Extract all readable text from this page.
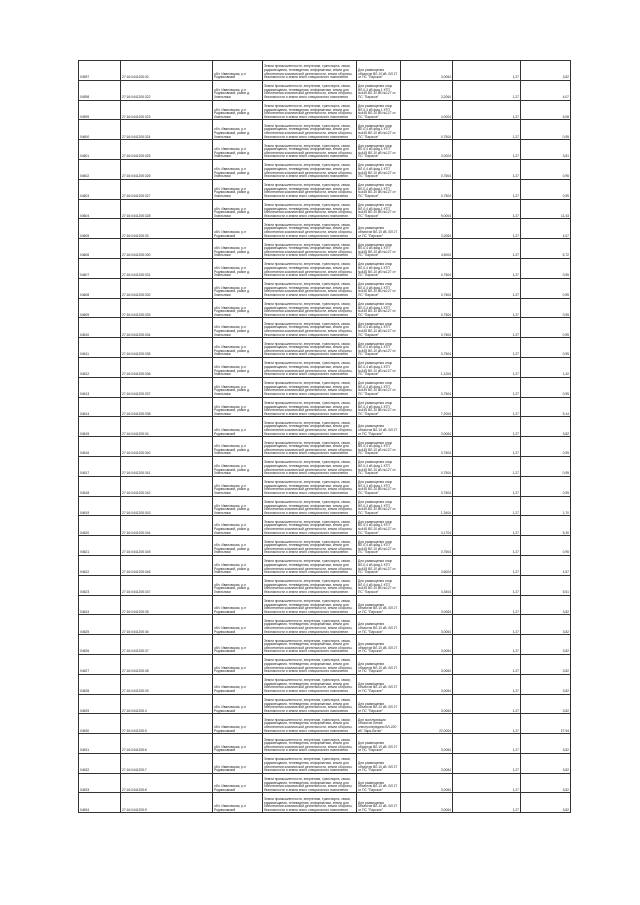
04597	27:16:0441205:30	обл. Ивановская, р-н Родниковский	Земли промышленности, энергетики, транспорта, связи, радиовещания, телевидения, информатики, земли для обеспечения космической деятельности, земли обороны, безопасности и земли иного специального назначения	Для размещения объектов ВЛ-10 кВ. ВЛ 27 от ПС "Парское"	3,0064	1,27	3,82
04598	27:16:0441205:322	обл. Ивановская, р-н Родниковский, район д. Хмельники	Земли промышленности, энергетики, транспорта, связи, радиовещания, телевидения, информатики, земли для обеспечения космической деятельности, земли обороны, безопасности и земли иного специального назначения	Для размещения опор ВЛ-0,4 кВ фид.1 КТП №445 ВЛ-10 кВ №127 от ПС "Парское"	3,2064	1,27	4,07
04599	27:16:0441205:323	обл. Ивановская, р-н Родниковский, район д. Хмельники	Земли промышленности, энергетики, транспорта, связи, радиовещания, телевидения, информатики, земли для обеспечения космической деятельности, земли обороны, безопасности и земли иного специального назначения	Для размещения опор ВЛ-0,4 кВ фид.1 КТП №445 ВЛ-10 кВ №127 от ПС "Парское"	4,0004	1,27	5,08
04600	27:16:0441205:324	обл. Ивановская, р-н Родниковский, район д. Хмельники	Земли промышленности, энергетики, транспорта, связи, радиовещания, телевидения, информатики, земли для обеспечения космической деятельности, земли обороны, безопасности и земли иного специального назначения	Для размещения опор ВЛ-0,4 кВ фид.1 КТП №445 ВЛ-10 кВ №127 от ПС "Парское"	0,7504	1,27	0,95
04601	27:16:0441205:325	обл. Ивановская, р-н Родниковский, район д. Хмельники	Земли промышленности, энергетики, транспорта, связи, радиовещания, телевидения, информатики, земли для обеспечения космической деятельности, земли обороны, безопасности и земли иного специального назначения	Для размещения опор ВЛ-0,4 кВ фид.1 КТП №445 ВЛ-10 кВ №127 от ПС "Парское"	3,0004	1,27	3,81
04602	27:16:0441205:326	обл. Ивановская, р-н Родниковский, район д. Хмельники	Земли промышленности, энергетики, транспорта, связи, радиовещания, телевидения, информатики, земли для обеспечения космической деятельности, земли обороны, безопасности и земли иного специального назначения	Для размещения опор ВЛ-0,4 кВ фид.1 КТП №445 ВЛ-10 кВ №127 от ПС "Парское"	0,7504	1,27	0,95
04603	27:16:0441205:327	обл. Ивановская, р-н Родниковский, район д. Хмельники	Земли промышленности, энергетики, транспорта, связи, радиовещания, телевидения, информатики, земли для обеспечения космической деятельности, земли обороны, безопасности и земли иного специального назначения	Для размещения опор ВЛ-0,4 кВ фид.1 КТП №445 ВЛ-10 кВ №127 от ПС "Парское"	0,7504	1,27	0,95
04604	27:16:0441205:328	обл. Ивановская, р-н Родниковский, район д. Хмельники	Земли промышленности, энергетики, транспорта, связи, радиовещания, телевидения, информатики, земли для обеспечения космической деятельности, земли обороны, безопасности и земли иного специального назначения	Для размещения опор ВЛ-0,4 кВ фид.1 КТП №445 ВЛ-10 кВ №127 от ПС "Парское"	9,0004	1,27	11,43
04605	27:16:0441205:33	обл. Ивановская, р-н Родниковский	Земли промышленности, энергетики, транспорта, связи, радиовещания, телевидения, информатики, земли для обеспечения космической деятельности, земли обороны, безопасности и земли иного специального назначения	Для размещения объектов ВЛ-10 кВ. ВЛ 27 от ПС "Парское"	3,2064	1,27	4,07
04606	27:16:0441205:330	обл. Ивановская, р-н Родниковский, район д. Хмельники	Земли промышленности, энергетики, транспорта, связи, радиовещания, телевидения, информатики, земли для обеспечения космической деятельности, земли обороны, безопасности и земли иного специального назначения	Для размещения опор ВЛ-0,4 кВ фид.1 КТП №445 ВЛ-10 кВ №127 от ПС "Парское"	4,5004	1,27	5,72
04607	27:16:0441205:331	обл. Ивановская, р-н Родниковский, район д. Хмельники	Земли промышленности, энергетики, транспорта, связи, радиовещания, телевидения, информатики, земли для обеспечения космической деятельности, земли обороны, безопасности и земли иного специального назначения	Для размещения опор ВЛ-0,4 кВ фид.1 КТП №445 ВЛ-10 кВ №127 от ПС "Парское"	0,7504	1,27	0,95
04608	27:16:0441205:332	обл. Ивановская, р-н Родниковский, район д. Хмельники	Земли промышленности, энергетики, транспорта, связи, радиовещания, телевидения, информатики, земли для обеспечения космической деятельности, земли обороны, безопасности и земли иного специального назначения	Для размещения опор ВЛ-0,4 кВ фид.1 КТП №445 ВЛ-10 кВ №127 от ПС "Парское"	0,7504	1,27	0,95
04609	27:16:0441205:333	обл. Ивановская, р-н Родниковский, район д. Хмельники	Земли промышленности, энергетики, транспорта, связи, радиовещания, телевидения, информатики, земли для обеспечения космической деятельности, земли обороны, безопасности и земли иного специального назначения	Для размещения опор ВЛ-0,4 кВ фид.1 КТП №445 ВЛ-10 кВ №127 от ПС "Парское"	0,7504	1,27	0,95
04610	27:16:0441205:334	обл. Ивановская, р-н Родниковский, район д. Хмельники	Земли промышленности, энергетики, транспорта, связи, радиовещания, телевидения, информатики, земли для обеспечения космической деятельности, земли обороны, безопасности и земли иного специального назначения	Для размещения опор ВЛ-0,4 кВ фид.1 КТП №445 ВЛ-10 кВ №127 от ПС "Парское"	0,7504	1,27	0,95
04611	27:16:0441205:335	обл. Ивановская, р-н Родниковский, район д. Хмельники	Земли промышленности, энергетики, транспорта, связи, радиовещания, телевидения, информатики, земли для обеспечения космической деятельности, земли обороны, безопасности и земли иного специального назначения	Для размещения опор ВЛ-0,4 кВ фид.1 КТП №445 ВЛ-10 кВ №127 от ПС "Парское"	0,7504	1,27	0,95
04612	27:16:0441205:336	обл. Ивановская, р-н Родниковский, район д. Хмельники	Земли промышленности, энергетики, транспорта, связи, радиовещания, телевидения, информатики, земли для обеспечения космической деятельности, земли обороны, безопасности и земли иного специального назначения	Для размещения опор ВЛ-0,4 кВ фид.1 КТП №445 ВЛ-10 кВ №127 от ПС "Парское"	1,1204	1,27	1,42
04613	27:16:0441205:337	обл. Ивановская, р-н Родниковский, район д. Хмельники	Земли промышленности, энергетики, транспорта, связи, радиовещания, телевидения, информатики, земли для обеспечения космической деятельности, земли обороны, безопасности и земли иного специального назначения	Для размещения опор ВЛ-0,4 кВ фид.1 КТП №445 ВЛ-10 кВ №127 от ПС "Парское"	0,7504	1,27	0,95
04614	27:16:0441205:338	обл. Ивановская, р-н Родниковский, район д. Хмельники	Земли промышленности, энергетики, транспорта, связи, радиовещания, телевидения, информатики, земли для обеспечения космической деятельности, земли обороны, безопасности и земли иного специального назначения	Для размещения опор ВЛ-0,4 кВ фид.1 КТП №445 ВЛ-10 кВ №127 от ПС "Парское"	7,2004	1,27	9,14
04615	27:16:0441205:34	обл. Ивановская, р-н Родниковский	Земли промышленности, энергетики, транспорта, связи, радиовещания, телевидения, информатики, земли для обеспечения космической деятельности, земли обороны, безопасности и земли иного специального назначения	Для размещения объектов ВЛ-10 кВ. ВЛ 27 от ПС "Парское"	3,0064	1,27	3,82
04616	27:16:0441205:340	обл. Ивановская, р-н Родниковский, район д. Хмельники	Земли промышленности, энергетики, транспорта, связи, радиовещания, телевидения, информатики, земли для обеспечения космической деятельности, земли обороны, безопасности и земли иного специального назначения	Для размещения опор ВЛ-0,4 кВ фид.1 КТП №445 ВЛ-10 кВ №127 от ПС "Парское"	0,7504	1,27	0,95
04617	27:16:0441205:341	обл. Ивановская, р-н Родниковский, район д. Хмельники	Земли промышленности, энергетики, транспорта, связи, радиовещания, телевидения, информатики, земли для обеспечения космической деятельности, земли обороны, безопасности и земли иного специального назначения	Для размещения опор ВЛ-0,4 кВ фид.1 КТП №445 ВЛ-10 кВ №127 от ПС "Парское"	0,7504	1,27	0,95
04618	27:16:0441205:342	обл. Ивановская, р-н Родниковский, район д. Хмельники	Земли промышленности, энергетики, транспорта, связи, радиовещания, телевидения, информатики, земли для обеспечения космической деятельности, земли обороны, безопасности и земли иного специального назначения	Для размещения опор ВЛ-0,4 кВ фид.1 КТП №445 ВЛ-10 кВ №127 от ПС "Парское"	0,7504	1,27	0,95
04619	27:16:0441205:343	обл. Ивановская, р-н Родниковский, район д. Хмельники	Земли промышленности, энергетики, транспорта, связи, радиовещания, телевидения, информатики, земли для обеспечения космической деятельности, земли обороны, безопасности и земли иного специального назначения	Для размещения опор ВЛ-0,4 кВ фид.1 КТП №445 ВЛ-10 кВ №127 от ПС "Парское"	1,3404	1,27	1,70
04620	27:16:0441205:344	обл. Ивановская, р-н Родниковский, район д. Хмельники	Земли промышленности, энергетики, транспорта, связи, радиовещания, телевидения, информатики, земли для обеспечения космической деятельности, земли обороны, безопасности и земли иного специального назначения	Для размещения опор ВЛ-0,4 кВ фид.1 КТП №445 ВЛ-10 кВ №127 от ПС "Парское"	4,1704	1,27	5,30
04621	27:16:0441205:345	обл. Ивановская, р-н Родниковский, район д. Хмельники	Земли промышленности, энергетики, транспорта, связи, радиовещания, телевидения, информатики, земли для обеспечения космической деятельности, земли обороны, безопасности и земли иного специального назначения	Для размещения опор ВЛ-0,4 кВ фид.1 КТП №445 ВЛ-10 кВ №127 от ПС "Парское"	0,7504	1,27	0,95
04622	27:16:0441205:346	обл. Ивановская, р-н Родниковский, район д. Хмельники	Земли промышленности, энергетики, транспорта, связи, радиовещания, телевидения, информатики, земли для обеспечения космической деятельности, земли обороны, безопасности и земли иного специального назначения	Для размещения опор ВЛ-0,4 кВ фид.1 КТП №445 ВЛ-10 кВ №127 от ПС "Парское"	3,6004	1,27	4,57
04623	27:16:0441205:347	обл. Ивановская, р-н Родниковский, район д. Хмельники	Земли промышленности, энергетики, транспорта, связи, радиовещания, телевидения, информатики, земли для обеспечения космической деятельности, земли обороны, безопасности и земли иного специального назначения	Для размещения опор ВЛ-0,4 кВ фид.1 КТП №445 ВЛ-10 кВ №127 от ПС "Парское"	4,3404	1,27	5,51
04624	27:16:0441205:35	обл. Ивановская, р-н Родниковский	Земли промышленности, энергетики, транспорта, связи, радиовещания, телевидения, информатики, земли для обеспечения космической деятельности, земли обороны, безопасности и земли иного специального назначения	Для размещения объектов ВЛ-10 кВ. ВЛ 27 от ПС "Парское"	3,0064	1,27	3,82
04625	27:16:0441205:36	обл. Ивановская, р-н Родниковский	Земли промышленности, энергетики, транспорта, связи, радиовещания, телевидения, информатики, земли для обеспечения космической деятельности, земли обороны, безопасности и земли иного специального назначения	Для размещения объектов ВЛ-10 кВ. ВЛ 27 от ПС "Парское"	3,0064	1,27	3,82
04626	27:16:0441205:37	обл. Ивановская, р-н Родниковский	Земли промышленности, энергетики, транспорта, связи, радиовещания, телевидения, информатики, земли для обеспечения космической деятельности, земли обороны, безопасности и земли иного специального назначения	Для размещения объектов ВЛ-10 кВ. ВЛ 27 от ПС "Парское"	3,0064	1,27	3,82
04627	27:16:0441205:38	обл. Ивановская, р-н Родниковский	Земли промышленности, энергетики, транспорта, связи, радиовещания, телевидения, информатики, земли для обеспечения космической деятельности, земли обороны, безопасности и земли иного специального назначения	Для размещения объектов ВЛ-10 кВ. ВЛ 27 от ПС "Парское"	3,0064	1,27	3,82
04628	27:16:0441205:39	обл. Ивановская, р-н Родниковский	Земли промышленности, энергетики, транспорта, связи, радиовещания, телевидения, информатики, земли для обеспечения космической деятельности, земли обороны, безопасности и земли иного специального назначения	Для размещения объектов ВЛ-10 кВ. ВЛ 27 от ПС "Парское"	3,0064	1,27	3,82
04629	27:16:0441205:4	обл. Ивановская, р-н Родниковский	Земли промышленности, энергетики, транспорта, связи, радиовещания, телевидения, информатики, земли для обеспечения космической деятельности, земли обороны, безопасности и земли иного специального назначения	Для размещения объектов ВЛ-10 кВ. ВЛ 27 от ПС "Парское"	3,0064	1,27	3,82
04630	27:16:0441205:5	обл. Ивановская, р-н Родниковский	Земли промышленности, энергетики, транспорта, связи, радиовещания, телевидения, информатики, земли для обеспечения космической деятельности, земли обороны, безопасности и земли иного специального назначения	Для эксплуатации объектов Линия электропередачи ВЛ-220 кВ "Заря-Битюг"	22,0004	1,27	27,94
04631	27:16:0441205:6	обл. Ивановская, р-н Родниковский	Земли промышленности, энергетики, транспорта, связи, радиовещания, телевидения, информатики, земли для обеспечения космической деятельности, земли обороны, безопасности и земли иного специального назначения	Для размещения объектов ВЛ-10 кВ. ВЛ 27 от ПС "Парское"	3,0064	1,27	3,82
04632	27:16:0441205:7	обл. Ивановская, р-н Родниковский	Земли промышленности, энергетики, транспорта, связи, радиовещания, телевидения, информатики, земли для обеспечения космической деятельности, земли обороны, безопасности и земли иного специального назначения	Для размещения объектов ВЛ-10 кВ. ВЛ 27 от ПС "Парское"	3,0064	1,27	3,82
04633	27:16:0441205:8	обл. Ивановская, р-н Родниковский	Земли промышленности, энергетики, транспорта, связи, радиовещания, телевидения, информатики, земли для обеспечения космической деятельности, земли обороны, безопасности и земли иного специального назначения	Для размещения объектов ВЛ-10 кВ. ВЛ 27 от ПС "Парское"	3,0064	1,27	3,82
04634	27:16:0441205:9	обл. Ивановская, р-н Родниковский	Земли промышленности, энергетики, транспорта, связи, радиовещания, телевидения, информатики, земли для обеспечения космической деятельности, земли обороны, безопасности и земли иного специального назначения	Для размещения объектов ВЛ-10 кВ. ВЛ 27 от ПС "Парское"	3,0064	1,27	3,82
